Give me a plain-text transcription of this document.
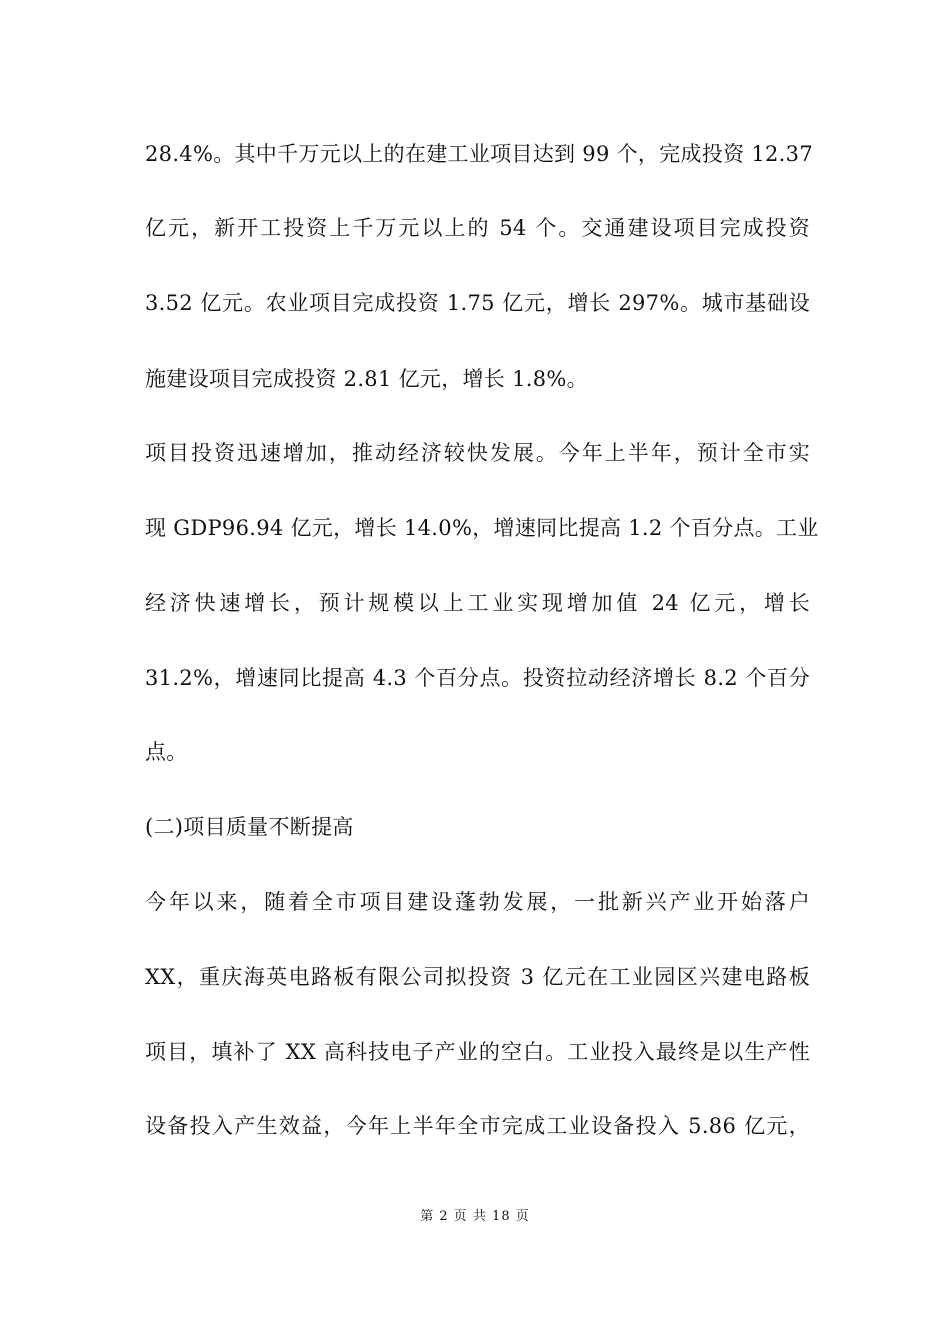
28.4%。其中千万元以上的在建工业项目达到 99 个，完成投资 12.37
亿元，新开工投资上千万元以上的 54 个。交通建设项目完成投资
3.52 亿元。农业项目完成投资 1.75 亿元，增长 297%。城市基础设
施建设项目完成投资 2.81 亿元，增长 1.8%。
项目投资迅速增加，推动经济较快发展。今年上半年，预计全市实
现 GDP96.94 亿元，增长 14.0%，增速同比提高 1.2 个百分点。工业
经济快速增长，预计规模以上工业实现增加值 24 亿元，增长
31.2%，增速同比提高 4.3 个百分点。投资拉动经济增长 8.2 个百分
点。
(二)项目质量不断提高
今年以来，随着全市项目建设蓬勃发展，一批新兴产业开始落户
XX，重庆海英电路板有限公司拟投资 3 亿元在工业园区兴建电路板
项目，填补了 XX 高科技电子产业的空白。工业投入最终是以生产性
设备投入产生效益，今年上半年全市完成工业设备投入 5.86 亿元，
第 2 页 共 18 页
